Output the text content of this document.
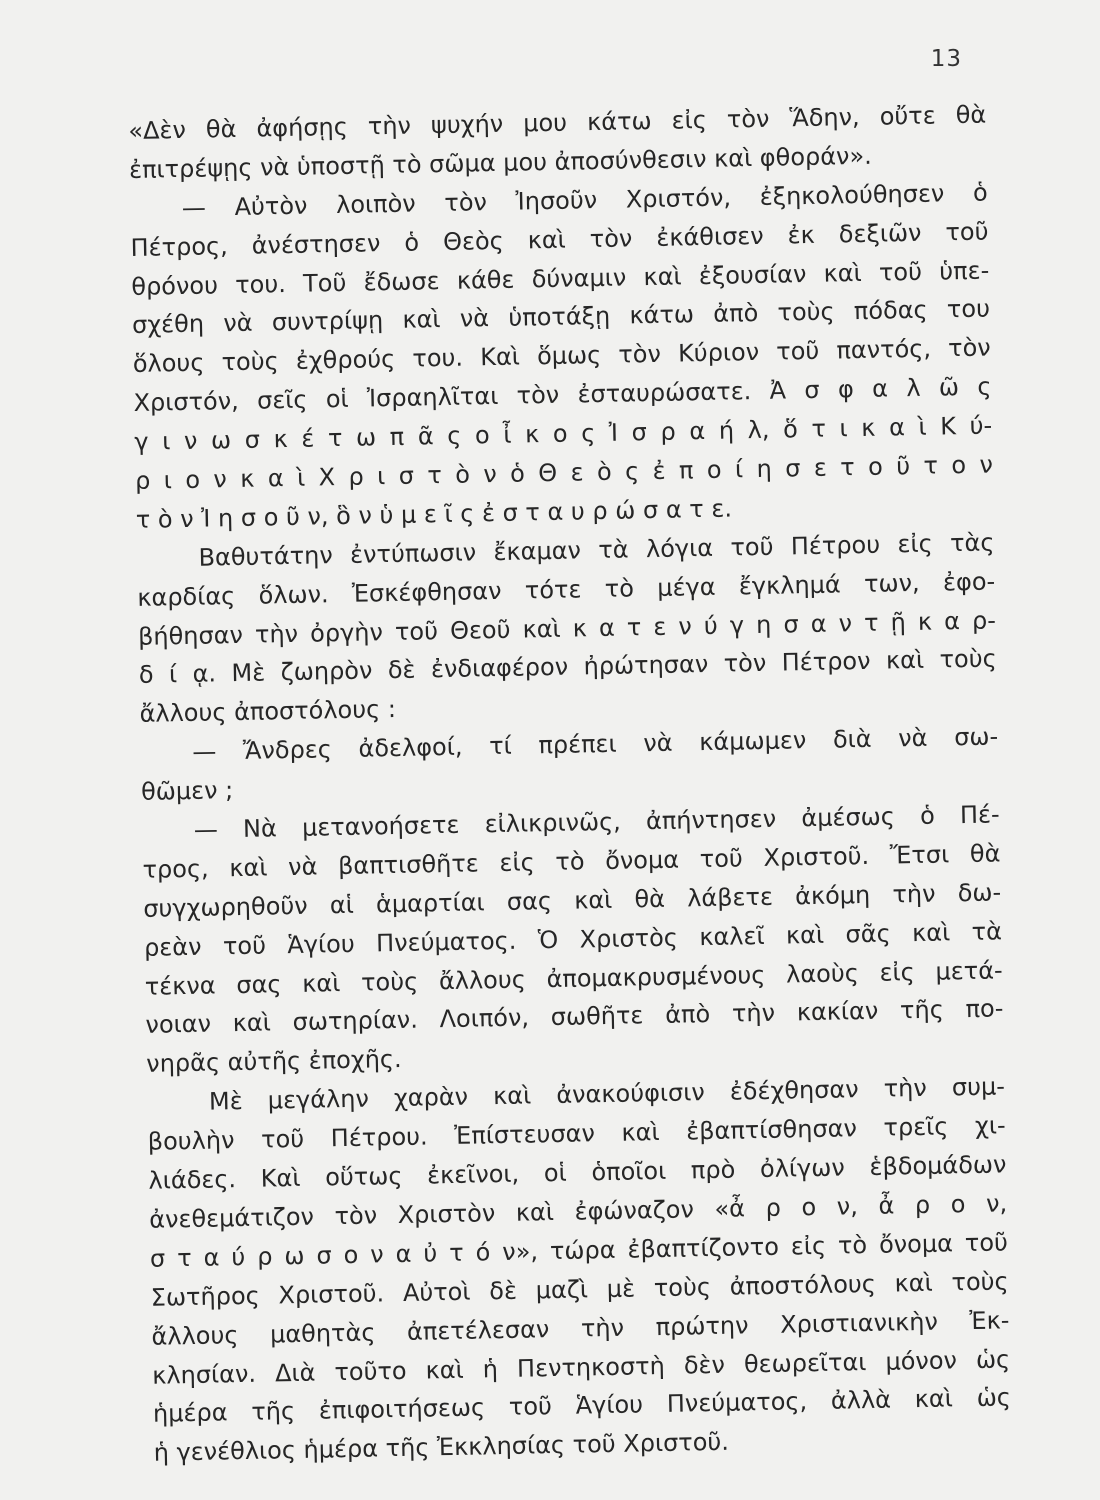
13
«Δὲν θὰ ἀφήσῃς τὴν ψυχήν μου κάτω εἰς τὸν Ἅδην, οὔτε θὰ
ἐπιτρέψῃς νὰ ὑποστῇ τὸ σῶμα μου ἀποσύνθεσιν καὶ φθοράν».
— Αὐτὸν λοιπὸν τὸν Ἰησοῦν Χριστόν, ἐξηκολούθησεν ὁ
Πέτρος, ἀνέστησεν ὁ Θεὸς καὶ τὸν ἐκάθισεν ἐκ δεξιῶν τοῦ
θρόνου του. Τοῦ ἔδωσε κάθε δύναμιν καὶ ἐξουσίαν καὶ τοῦ ὑπε-
σχέθη νὰ συντρίψῃ καὶ νὰ ὑποτάξῃ κάτω ἀπὸ τοὺς πόδας του
ὅλους τοὺς ἐχθρούς του. Καὶ ὅμως τὸν Κύριον τοῦ παντός, τὸν
Χριστόν, σεῖς οἱ Ἰσραηλῖται τὸν ἐσταυρώσατε. Ἀ σ φ α λ ῶ ς
γ ι ν ω σ κ έ τ ω π ᾶ ς ο ἶ κ ο ς Ἰ σ ρ α ή λ, ὅ τ ι κ α ὶ Κ ύ-
ρ ι ο ν κ α ὶ Χ ρ ι σ τ ὸ ν ὁ Θ ε ὸ ς ἐ π ο ί η σ ε τ ο ῦ τ ο ν
τ ὸ ν Ἰ η σ ο ῦ ν, ὃ ν ὑ μ ε ῖ ς ἐ σ τ α υ ρ ώ σ α τ ε.
Βαθυτάτην ἐντύπωσιν ἔκαμαν τὰ λόγια τοῦ Πέτρου εἰς τὰς
καρδίας ὅλων. Ἐσκέφθησαν τότε τὸ μέγα ἔγκλημά των, ἐφο-
βήθησαν τὴν ὀργὴν τοῦ Θεοῦ καὶ κ α τ ε ν ύ γ η σ α ν τ ῇ κ α ρ-
δ ί ᾳ. Μὲ ζωηρὸν δὲ ἐνδιαφέρον ἠρώτησαν τὸν Πέτρον καὶ τοὺς
ἄλλους ἀποστόλους :
— Ἄνδρες ἀδελφοί, τί πρέπει νὰ κάμωμεν διὰ νὰ σω-
θῶμεν ;
— Νὰ μετανοήσετε εἰλικρινῶς, ἀπήντησεν ἀμέσως ὁ Πέ-
τρος, καὶ νὰ βαπτισθῆτε εἰς τὸ ὄνομα τοῦ Χριστοῦ. Ἔτσι θὰ
συγχωρηθοῦν αἱ ἁμαρτίαι σας καὶ θὰ λάβετε ἀκόμη τὴν δω-
ρεὰν τοῦ Ἁγίου Πνεύματος. Ὁ Χριστὸς καλεῖ καὶ σᾶς καὶ τὰ
τέκνα σας καὶ τοὺς ἄλλους ἀπομακρυσμένους λαοὺς εἰς μετά-
νοιαν καὶ σωτηρίαν. Λοιπόν, σωθῆτε ἀπὸ τὴν κακίαν τῆς πο-
νηρᾶς αὐτῆς ἐποχῆς.
Μὲ μεγάλην χαρὰν καὶ ἀνακούφισιν ἐδέχθησαν τὴν συμ-
βουλὴν τοῦ Πέτρου. Ἐπίστευσαν καὶ ἐβαπτίσθησαν τρεῖς χι-
λιάδες. Καὶ οὕτως ἐκεῖνοι, οἱ ὁποῖοι πρὸ ὀλίγων ἑβδομάδων
ἀνεθεμάτιζον τὸν Χριστὸν καὶ ἐφώναζον «ἆ ρ ο ν, ἆ ρ ο ν,
σ τ α ύ ρ ω σ ο ν α ὐ τ ό ν», τώρα ἐβαπτίζοντο εἰς τὸ ὄνομα τοῦ
Σωτῆρος Χριστοῦ. Αὐτοὶ δὲ μαζὶ μὲ τοὺς ἀποστόλους καὶ τοὺς
ἄλλους μαθητὰς ἀπετέλεσαν τὴν πρώτην Χριστιανικὴν Ἐκ-
κλησίαν. Διὰ τοῦτο καὶ ἡ Πεντηκοστὴ δὲν θεωρεῖται μόνον ὡς
ἡμέρα τῆς ἐπιφοιτήσεως τοῦ Ἁγίου Πνεύματος, ἀλλὰ καὶ ὡς
ἡ γενέθλιος ἡμέρα τῆς Ἐκκλησίας τοῦ Χριστοῦ.
